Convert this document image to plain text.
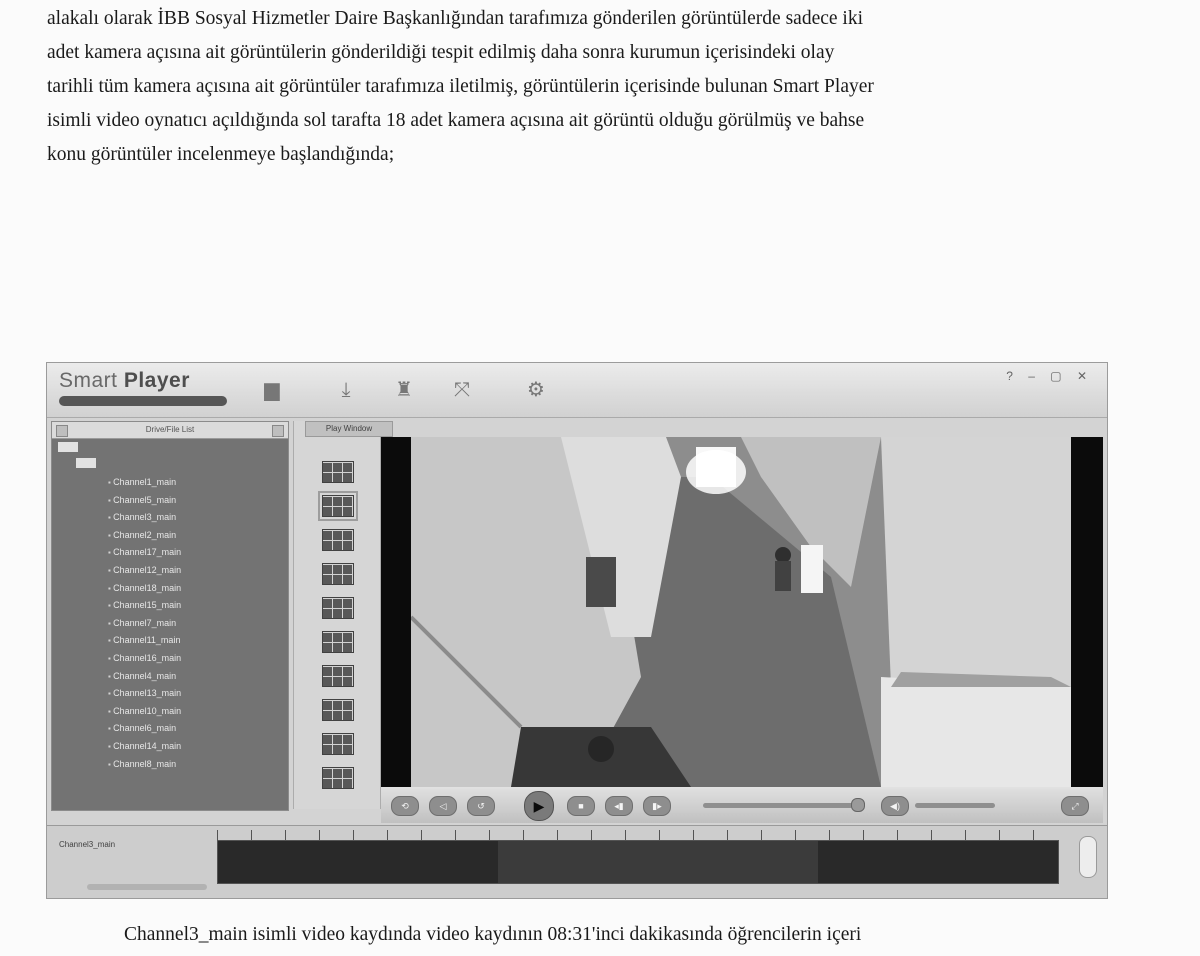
alakalı olarak İBB Sosyal Hizmetler Daire Başkanlığından tarafımıza gönderilen görüntülerde sadece iki
adet kamera açısına ait görüntülerin gönderildiği tespit edilmiş daha sonra kurumun içerisindeki olay
tarihli tüm kamera açısına ait görüntüler tarafımıza iletilmiş, görüntülerin içerisinde bulunan Smart Player
isimli video oynatıcı açıldığında sol tarafta 18 adet kamera açısına ait görüntü olduğu görülmüş ve bahse
konu görüntüler incelenmeye başlandığında;
Smart Player	▆	⤓	♜ ⤧	⚙
? – ▢ ✕
Drive/File List
▪ Channel1_main
▪ Channel5_main
▪ Channel3_main
▪ Channel2_main
▪ Channel17_main
▪ Channel12_main
▪ Channel18_main
▪ Channel15_main
▪ Channel7_main
▪ Channel11_main
▪ Channel16_main
▪ Channel4_main
▪ Channel13_main
▪ Channel10_main
▪ Channel6_main
▪ Channel14_main
▪ Channel8_main
Play Window
⟲	◁	↺	▶	■	◂▮	▮▸	◀)	⤢
Channel3_main
Channel3_main isimli video kaydında video kaydının 08:31'inci dakikasında öğrencilerin içeri
